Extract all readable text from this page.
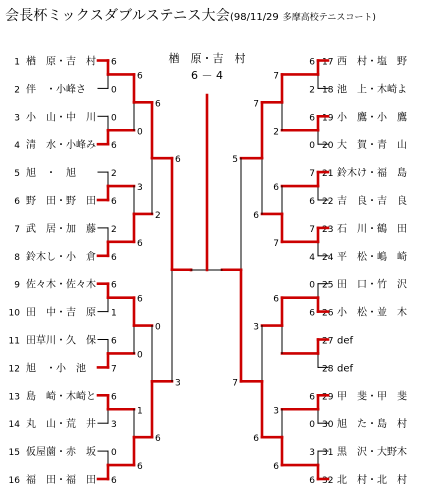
会長杯ミックスダブルステニス大会(98/11/29 多摩高校テニスコート)
1 楢　原・吉　村
2 伴　・小峰さ
3 小　山・中　川
4 清　水・小峰み
5 旭　・　旭
6 野　田・野　田
7 武　居・加　藤
8 鈴木し・小　倉
9 佐々木・佐々木
10 田　中・吉　原
11 田草川・久　保
12 旭　・小　池
13 島　崎・木崎と
14 丸　山・荒　井
15 仮屋薗・赤　坂
16 福　田・福　田
17 西　村・塩　野
18 池　上・木崎よ
19 小　鷹・小　鷹
20 大　賀・青　山
21 鈴木け・福　島
22 吉　良・吉　良
23 石　川・鶴　田
24 平　松・嶋　崎
25 田　口・竹　沢
26 小　松・並　木
27 def
28 def
29 甲　斐・甲　斐
30 旭　た・島　村
31 黒　沢・大野木
32 北　村・北　村
6
0
0
6
2
6
2
6
6
1
6
7
6
3
0
6
6
0
3
6
6
0
1
6
6
2
0
6
6
3
6
2
6
0
7
6
7
4
0
6
6
0
3
6
7
2
6
7
6
3
6
7
6
3
6
5
7
楢　原・吉　村
6 － 4
